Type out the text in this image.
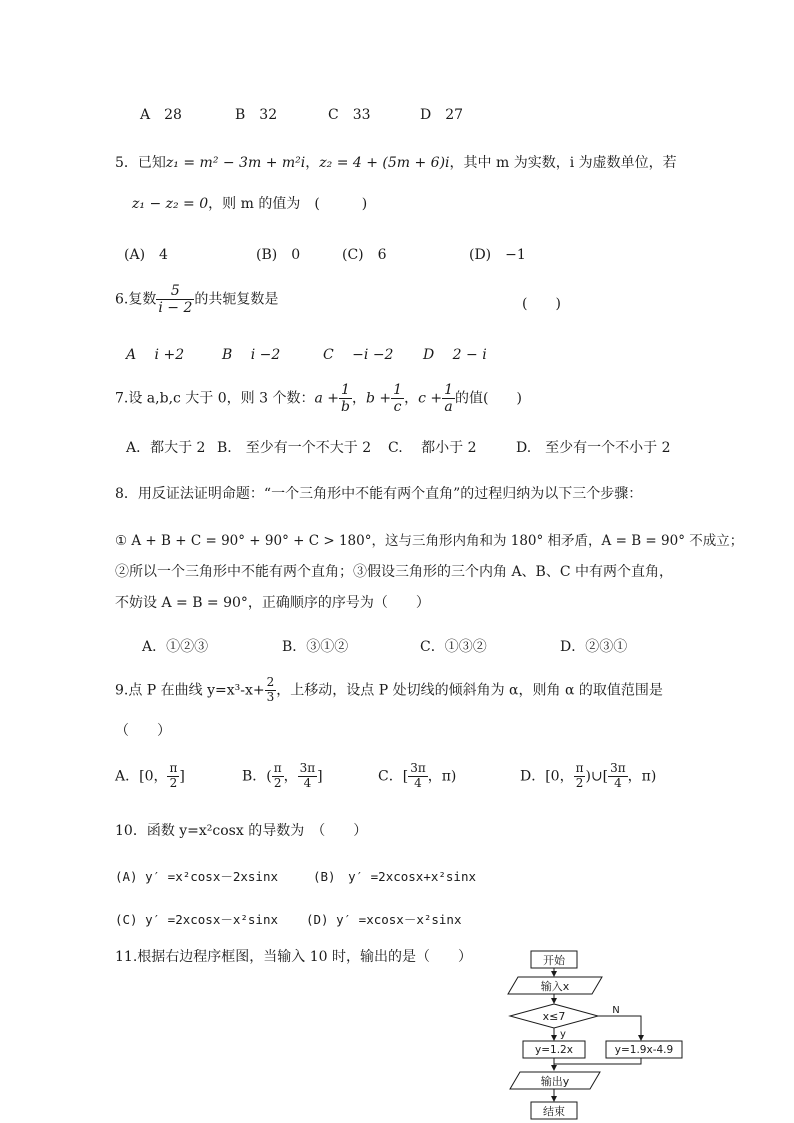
A　28	B　32	C　33	D　27
5．已知z₁ = m² − 3m + m²i，z₂ = 4 + (5m + 6)i，其中 m 为实数，i 为虚数单位，若
z₁ − z₂ = 0，则 m 的值为　(　　　)
(A)　4	(B)　0	(C)　6	(D)　−1
6.复数 $\frac{5}{i - 2}$ 的共轭复数是	(　　)
A　 i +2	B　 i −2	C　 −i −2 D　 2 − i
7.设 a,b,c 大于 0，则 3 个数：$a + \frac{1}{b}$ ，$b + \frac{1}{c}$ ，$c + \frac{1}{a}$ 的值(　　)
A．都大于 2 B.　至少有一个不大于 2 C.　 都小于 2	D.　至少有一个不小于 2
8．用反证法证明命题：“一个三角形中不能有两个直角”的过程归纳为以下三个步骤：
① A + B + C = 90° + 90° + C > 180°，这与三角形内角和为 180° 相矛盾，A = B = 90° 不成立；
②所以一个三角形中不能有两个直角；③假设三角形的三个内角 A、B、C 中有两个直角，
不妨设 A = B = 90°，正确顺序的序号为（　　）
A．①②③	B．③①②	C．①③②	D．②③①
9.点 P 在曲线 $y=x^3-x+ \frac{2}{3}$ ，上移动，设点 P 处切线的倾斜角为 α，则角 α 的取值范围是
（　　）
A．[0， $\frac{\pi}{2}$ ]	B．( $\frac{\pi}{2}$ ， $\frac{3\pi}{4}$ ]	C．[ $\frac{3\pi}{4}$ ，π)	D．[0， $\frac{\pi}{2}$ )∪[ $\frac{3\pi}{4}$ ，π)
10．函数 y=x²cosx 的导数为　（　　）
(A) y′ =x²cosx－2xsinx	(B)　y′ =2xcosx+x²sinx
(C) y′ =2xcosx－x²sinx (D) y′ =xcosx－x²sinx
11.根据右边程序框图，当输入 10 时，输出的是（　　）	开始
输入x
x≤7
y
N
y=1.2x	y=1.9x-4.9
输出y
结束
